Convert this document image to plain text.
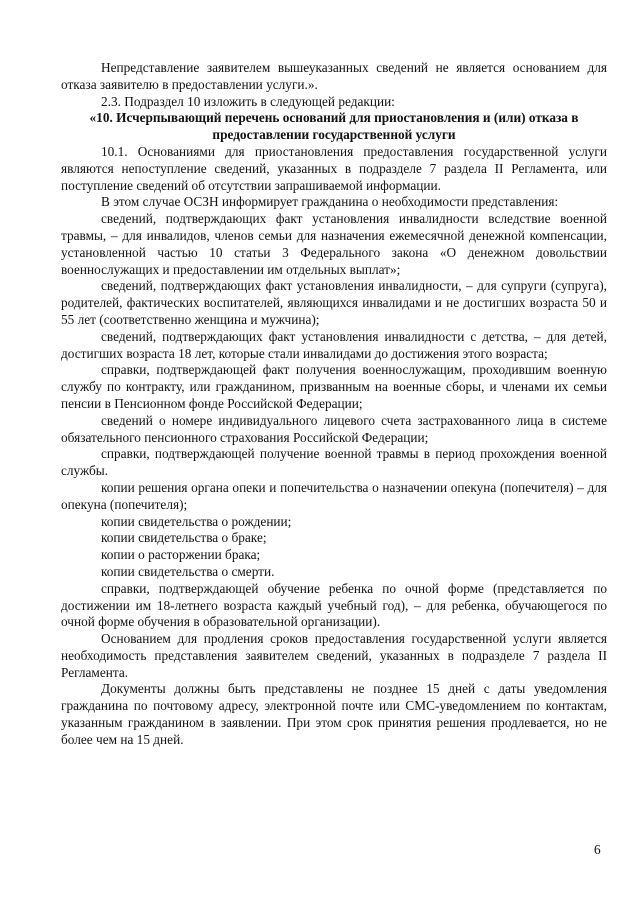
Непредставление заявителем вышеуказанных сведений не является основанием для отказа заявителю в предоставлении услуги.».

2.3. Подраздел 10 изложить в следующей редакции:

«10. Исчерпывающий перечень оснований для приостановления и (или) отказа в предоставлении государственной услуги

10.1. Основаниями для приостановления предоставления государственной услуги являются непоступление сведений, указанных в подразделе 7 раздела II Регламента, или поступление сведений об отсутствии запрашиваемой информации.

В этом случае ОСЗН информирует гражданина о необходимости представления:

сведений, подтверждающих факт установления инвалидности вследствие военной травмы, – для инвалидов, членов семьи для назначения ежемесячной денежной компенсации, установленной частью 10 статьи 3 Федерального закона «О денежном довольствии военнослужащих и предоставлении им отдельных выплат»;

сведений, подтверждающих факт установления инвалидности, – для супруги (супруга), родителей, фактических воспитателей, являющихся инвалидами и не достигших возраста 50 и 55 лет (соответственно женщина и мужчина);

сведений, подтверждающих факт установления инвалидности с детства, – для детей, достигших возраста 18 лет, которые стали инвалидами до достижения этого возраста;

справки, подтверждающей факт получения военнослужащим, проходившим военную службу по контракту, или гражданином, призванным на военные сборы, и членами их семьи пенсии в Пенсионном фонде Российской Федерации;

сведений о номере индивидуального лицевого счета застрахованного лица в системе обязательного пенсионного страхования Российской Федерации;

справки, подтверждающей получение военной травмы в период прохождения военной службы.

копии решения органа опеки и попечительства о назначении опекуна (попечителя) – для опекуна (попечителя);

копии свидетельства о рождении;

копии свидетельства о браке;

копии о расторжении брака;

копии свидетельства о смерти.

справки, подтверждающей обучение ребенка по очной форме (представляется по достижении им 18-летнего возраста каждый учебный год), – для ребенка, обучающегося по очной форме обучения в образовательной организации).

Основанием для продления сроков предоставления государственной услуги является необходимость представления заявителем сведений, указанных в подразделе 7 раздела II Регламента.

Документы должны быть представлены не позднее 15 дней с даты уведомления гражданина по почтовому адресу, электронной почте или СМС-уведомлением по контактам, указанным гражданином в заявлении. При этом срок принятия решения продлевается, но не более чем на 15 дней.

6
